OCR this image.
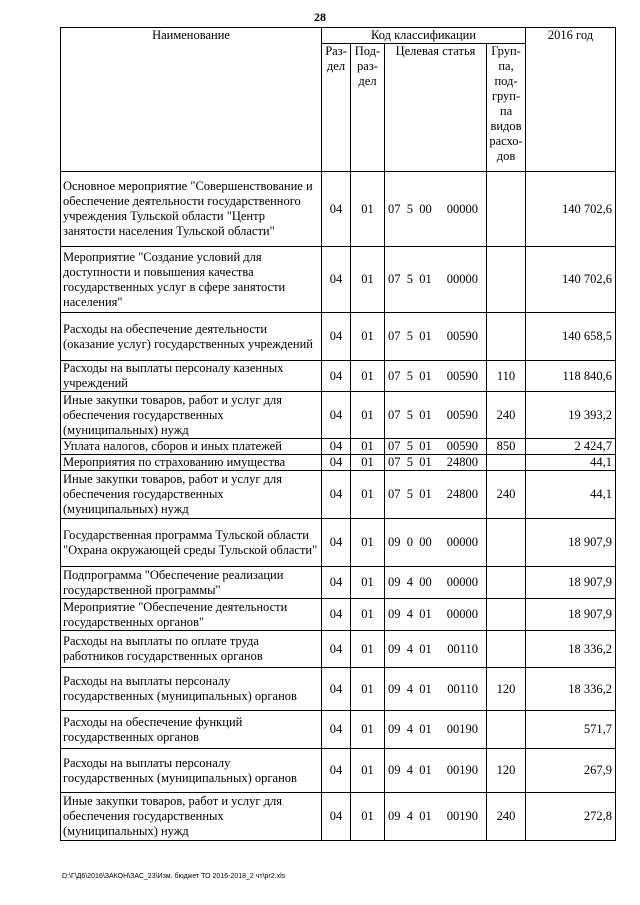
28
Наименование	Код классификации					2016 год
	Раз-дел	Под-раз-дел	Целевая статья		Груп-па, под-груп-па видов расхо-дов	
Основное мероприятие "Совершенствование и обеспечение деятельности государственного учреждения Тульской области "Центр занятости населения Тульской области"	04	01	07  5  00	00000		140 702,6
Мероприятие "Создание условий для доступности и повышения качества государственных услуг в сфере занятости населения"	04	01	07  5  01	00000		140 702,6
Расходы на обеспечение деятельности (оказание услуг) государственных учреждений	04	01	07  5  01	00590		140 658,5
Расходы на выплаты персоналу казенных учреждений	04	01	07  5  01	00590	110	118 840,6
Иные закупки товаров, работ и услуг для обеспечения государственных (муниципальных) нужд	04	01	07  5  01	00590	240	19 393,2
Уплата налогов, сборов и иных платежей	04	01	07  5  01	00590	850	2 424,7
Мероприятия по страхованию имущества	04	01	07  5  01	24800		44,1
Иные закупки товаров, работ и услуг для обеспечения государственных (муниципальных) нужд	04	01	07  5  01	24800	240	44,1
Государственная программа Тульской области "Охрана окружающей среды Тульской области"	04	01	09  0  00	00000		18 907,9
Подпрограмма "Обеспечение реализации государственной программы"	04	01	09  4  00	00000		18 907,9
Мероприятие "Обеспечение деятельности государственных органов"	04	01	09  4  01	00000		18 907,9
Расходы на выплаты по оплате труда работников государственных органов	04	01	09  4  01	00110		18 336,2
Расходы на выплаты персоналу государственных (муниципальных) органов	04	01	09  4  01	00110	120	18 336,2
Расходы на обеспечение функций государственных органов	04	01	09  4  01	00190		571,7
Расходы на выплаты персоналу государственных (муниципальных) органов	04	01	09  4  01	00190	120	267,9
Иные закупки товаров, работ и услуг для обеспечения государственных (муниципальных) нужд	04	01	09  4  01	00190	240	272,8
D:\Г\Д6\2016\ЗАКОН\ЗАС_23\Изм. бюджет ТО 2016-2018_2 чт\pr2.xls
